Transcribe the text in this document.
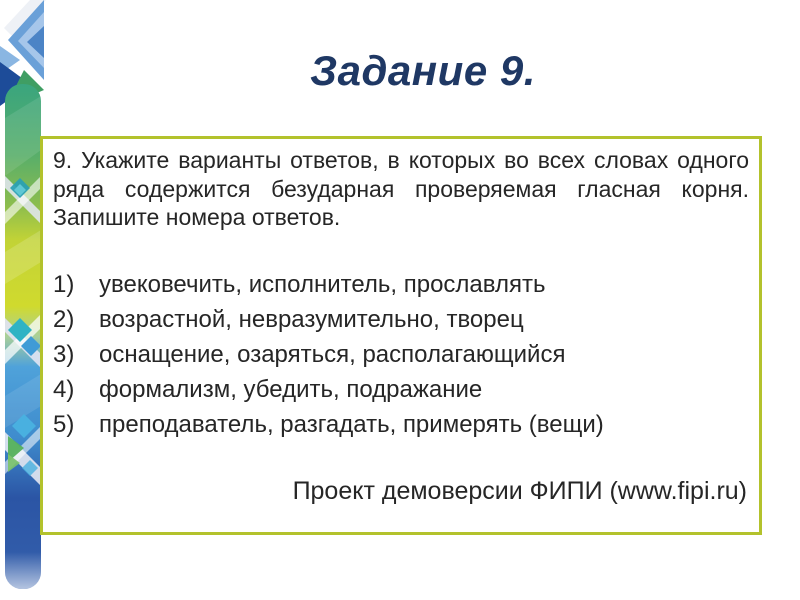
Задание 9.

9. Укажите варианты ответов, в которых во всех словах одного ряда содержится безударная проверяемая гласная корня. Запишите номера ответов.

1)	увековечить, исполнитель, прославлять
2)	возрастной, невразумительно, творец
3)	оснащение, озаряться, располагающийся
4)	формализм, убедить, подражание
5)	преподаватель, разгадать, примерять (вещи)
Проект демоверсии ФИПИ (www.fipi.ru)
